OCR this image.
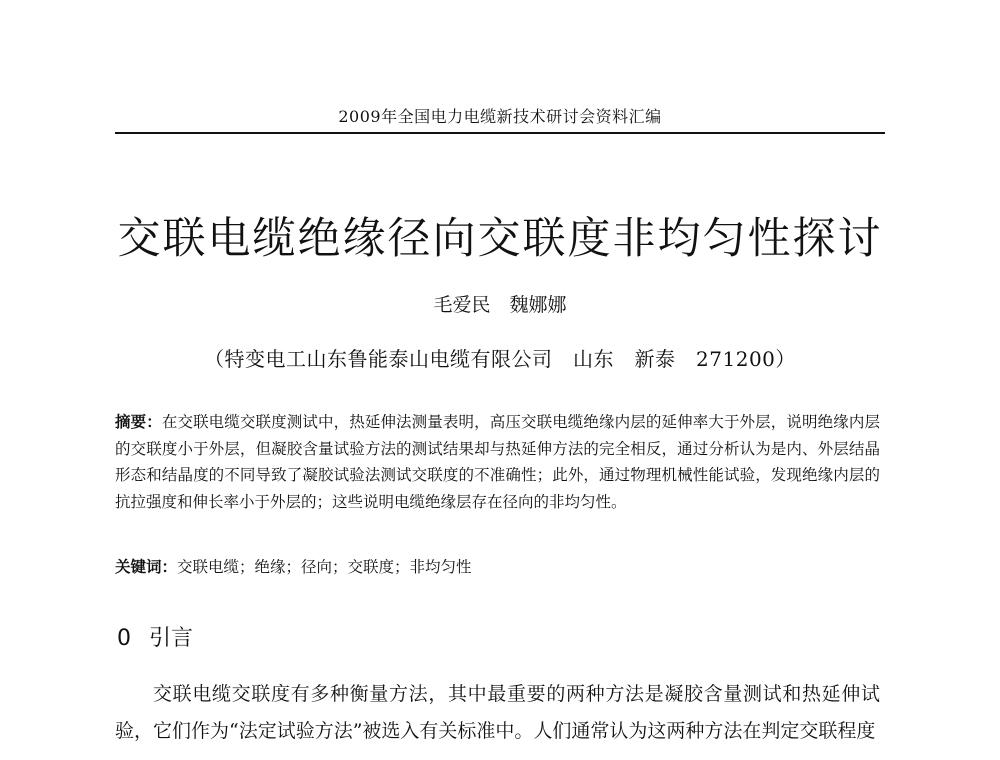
2009年全国电力电缆新技术研讨会资料汇编
交联电缆绝缘径向交联度非均匀性探讨
毛爱民　魏娜娜
（特变电工山东鲁能泰山电缆有限公司　山东　新泰　271200）
摘要：在交联电缆交联度测试中，热延伸法测量表明，高压交联电缆绝缘内层的延伸率大于外层，说明绝缘内层的交联度小于外层，但凝胶含量试验方法的测试结果却与热延伸方法的完全相反，通过分析认为是内、外层结晶形态和结晶度的不同导致了凝胶试验法测试交联度的不准确性；此外，通过物理机械性能试验，发现绝缘内层的抗拉强度和伸长率小于外层的；这些说明电缆绝缘层存在径向的非均匀性。
关键词：交联电缆；绝缘；径向；交联度；非均匀性
0 引言
交联电缆交联度有多种衡量方法，其中最重要的两种方法是凝胶含量测试和热延伸试验，它们作为“法定试验方法”被选入有关标准中。人们通常认为这两种方法在判定交联程度
